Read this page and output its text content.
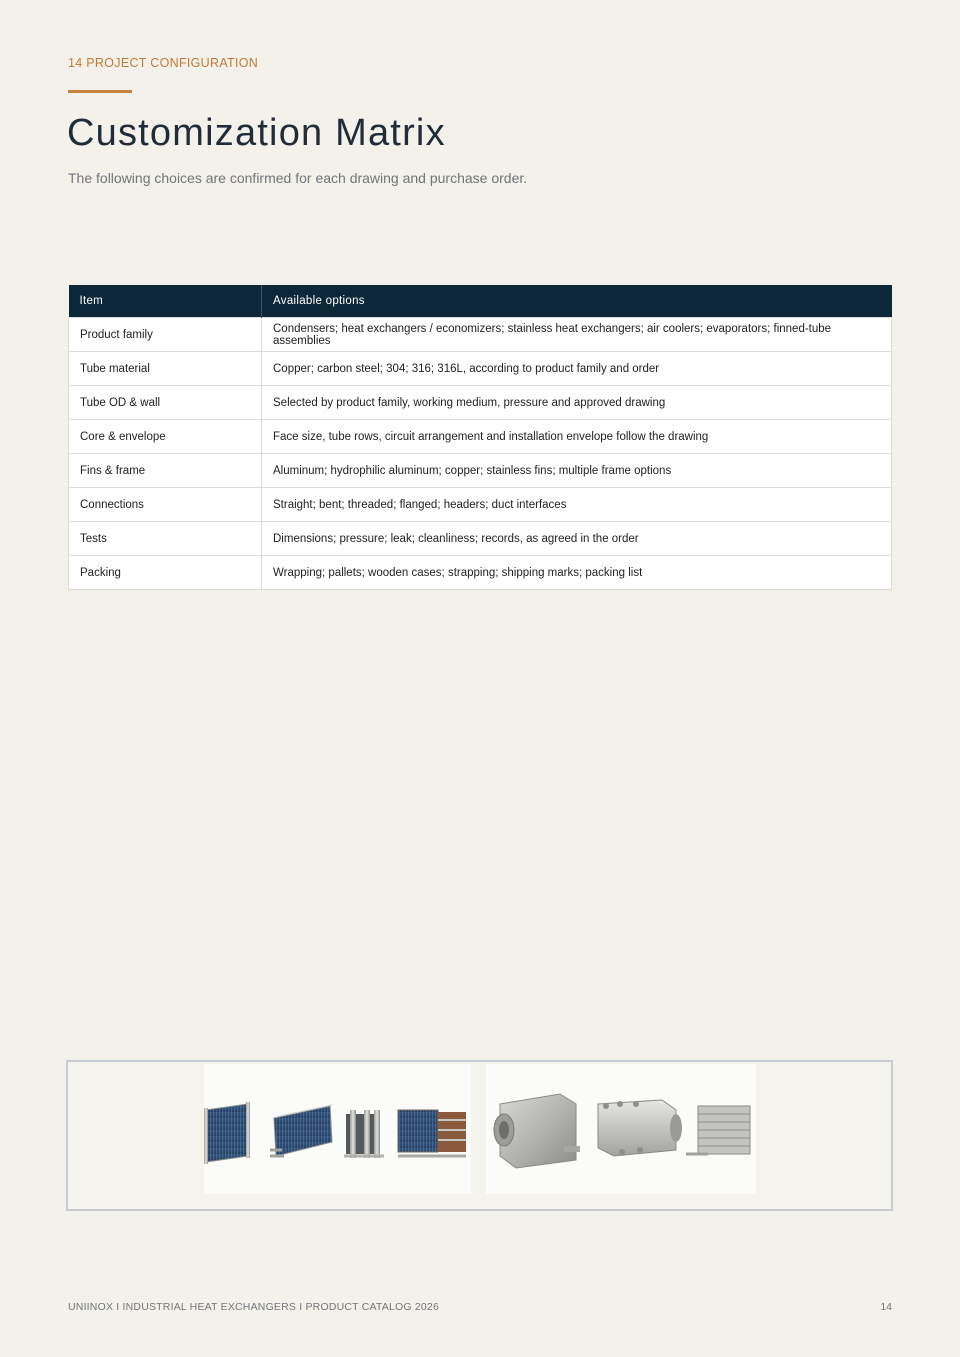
14 PROJECT CONFIGURATION
Customization Matrix
The following choices are confirmed for each drawing and purchase order.
Item	Available options
Product family	Condensers; heat exchangers / economizers; stainless heat exchangers; air coolers; evaporators; finned-tube assemblies
Tube material	Copper; carbon steel; 304; 316; 316L, according to product family and order
Tube OD & wall	Selected by product family, working medium, pressure and approved drawing
Core & envelope	Face size, tube rows, circuit arrangement and installation envelope follow the drawing
Fins & frame	Aluminum; hydrophilic aluminum; copper; stainless fins; multiple frame options
Connections	Straight; bent; threaded; flanged; headers; duct interfaces
Tests	Dimensions; pressure; leak; cleanliness; records, as agreed in the order
Packing	Wrapping; pallets; wooden cases; strapping; shipping marks; packing list
UNIINOX I INDUSTRIAL HEAT EXCHANGERS I PRODUCT CATALOG 2026	14
